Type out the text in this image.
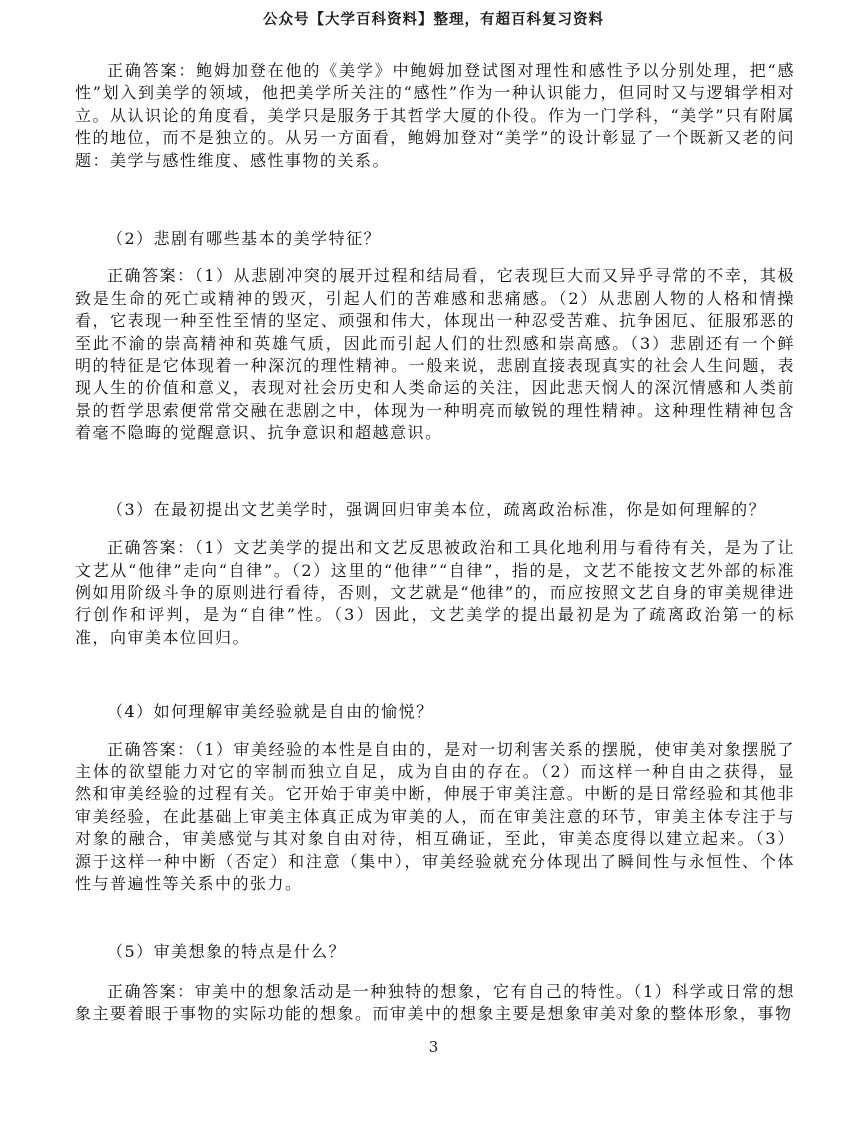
公众号【大学百科资料】整理，有超百科复习资料

正确答案：鲍姆加登在他的《美学》中鲍姆加登试图对理性和感性予以分别处理，把“感性”划入到美学的领域，他把美学所关注的“感性”作为一种认识能力，但同时又与逻辑学相对立。从认识论的角度看，美学只是服务于其哲学大厦的仆役。作为一门学科，“美学”只有附属性的地位，而不是独立的。从另一方面看，鲍姆加登对“美学”的设计彰显了一个既新又老的问题：美学与感性维度、感性事物的关系。

（2）悲剧有哪些基本的美学特征？

正确答案：（1）从悲剧冲突的展开过程和结局看，它表现巨大而又异乎寻常的不幸，其极致是生命的死亡或精神的毁灭，引起人们的苦难感和悲痛感。（2）从悲剧人物的人格和情操看，它表现一种至性至情的坚定、顽强和伟大，体现出一种忍受苦难、抗争困厄、征服邪恶的至此不渝的崇高精神和英雄气质，因此而引起人们的壮烈感和崇高感。（3）悲剧还有一个鲜明的特征是它体现着一种深沉的理性精神。一般来说，悲剧直接表现真实的社会人生问题，表现人生的价值和意义，表现对社会历史和人类命运的关注，因此悲天悯人的深沉情感和人类前景的哲学思索便常常交融在悲剧之中，体现为一种明亮而敏锐的理性精神。这种理性精神包含着毫不隐晦的觉醒意识、抗争意识和超越意识。

（3）在最初提出文艺美学时，强调回归审美本位，疏离政治标准，你是如何理解的？

正确答案：（1）文艺美学的提出和文艺反思被政治和工具化地利用与看待有关，是为了让文艺从“他律”走向“自律”。（2）这里的“他律”“自律”，指的是，文艺不能按文艺外部的标准例如用阶级斗争的原则进行看待，否则，文艺就是“他律”的，而应按照文艺自身的审美规律进行创作和评判，是为“自律”性。（3）因此，文艺美学的提出最初是为了疏离政治第一的标准，向审美本位回归。

（4）如何理解审美经验就是自由的愉悦？

正确答案：（1）审美经验的本性是自由的，是对一切利害关系的摆脱，使审美对象摆脱了主体的欲望能力对它的宰制而独立自足，成为自由的存在。（2）而这样一种自由之获得，显然和审美经验的过程有关。它开始于审美中断，伸展于审美注意。中断的是日常经验和其他非审美经验，在此基础上审美主体真正成为审美的人，而在审美注意的环节，审美主体专注于与对象的融合，审美感觉与其对象自由对待，相互确证，至此，审美态度得以建立起来。（3）源于这样一种中断（否定）和注意（集中），审美经验就充分体现出了瞬间性与永恒性、个体性与普遍性等关系中的张力。

（5）审美想象的特点是什么？

正确答案：审美中的想象活动是一种独特的想象，它有自己的特性。（1）科学或日常的想象主要着眼于事物的实际功能的想象。而审美中的想象主要是想象审美对象的整体形象，事物

3
